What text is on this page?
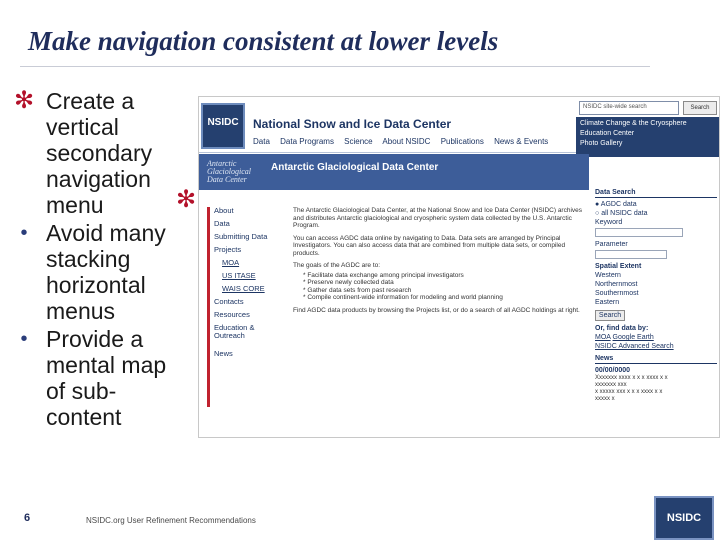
Make navigation consistent at lower levels
✻ Create a vertical secondary navigation menu
• Avoid many stacking horizontal menus
• Provide a mental map of sub-content
✻
NSIDC	National Snow and Ice Data Center
Data Data Programs Science About NSIDC Publications News & Events
NSIDC site-wide search	Search
Climate Change & the Cryosphere
Education Center
Photo Gallery
Antarctic
Glaciological
Data Center
Antarctic Glaciological Data Center
About
Data
Submitting Data
Projects
MOA
US ITASE
WAIS CORE
Contacts
Resources
Education & Outreach
News

The Antarctic Glaciological Data Center, at the National Snow and Ice Data Center (NSIDC) archives and distributes Antarctic glaciological and cryospheric system data collected by the U.S. Antarctic Program.

You can access AGDC data online by navigating to Data. Data sets are arranged by Principal Investigators. You can also access data that are combined from multiple data sets, or compiled products.

The goals of the AGDC are to:

* Facilitate data exchange among principal investigators

* Preserve newly collected data

* Gather data sets from past research

* Compile continent-wide information for modeling and world planning

Find AGDC data products by browsing the Projects list, or do a search of all AGDC holdings at right.

Data Search
● AGDC data
○ all NSIDC data
Keyword
Parameter
Spatial Extent
Western
Northernmost
Southernmost
Eastern
Search
Or, find data by:
MOA Google Earth
NSIDC Advanced Search
News
00/00/0000
Xxxxxxx xxxx x x x xxxx x x
xxxxxxx xxx
x xxxxx xxx x x x xxxx x x
xxxxx x
6	NSIDC.org User Refinement Recommendations	NSIDC
